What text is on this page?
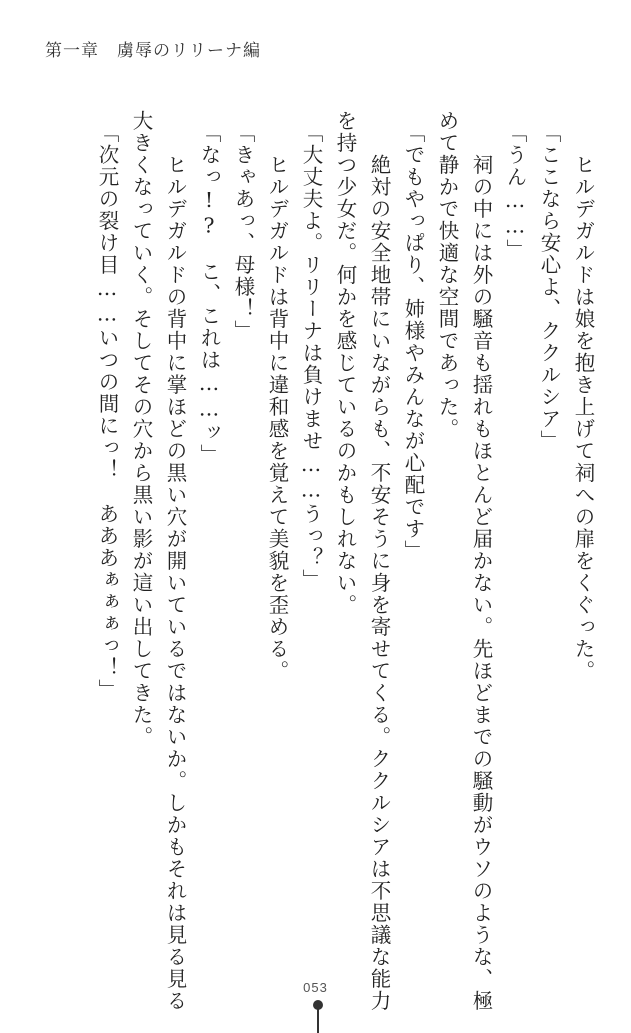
第一章　虜辱のリリーナ編
　ヒルデガルドは娘を抱き上げて祠への扉をくぐった。
「ここなら安心よ、ククルシア」
「うん……」
　祠の中には外の騒音も揺れもほとんど届かない。先ほどまでの騒動がウソのような、極
めて静かで快適な空間であった。
「でもやっぱり、姉様やみんなが心配です」
　絶対の安全地帯にいながらも、不安そうに身を寄せてくる。ククルシアは不思議な能力
を持つ少女だ。何かを感じているのかもしれない。
「大丈夫よ。リリーナは負けませ……うっ？」
　ヒルデガルドは背中に違和感を覚えて美貌を歪める。
「きゃあっ、母様！」
「なっ!?　こ、これは……ッ」
　ヒルデガルドの背中に掌ほどの黒い穴が開いているではないか。しかもそれは見る見る
大きくなっていく。そしてその穴から黒い影が這い出してきた。
「次元の裂け目……いつの間にっ！　あああぁぁぁっ！」
053
